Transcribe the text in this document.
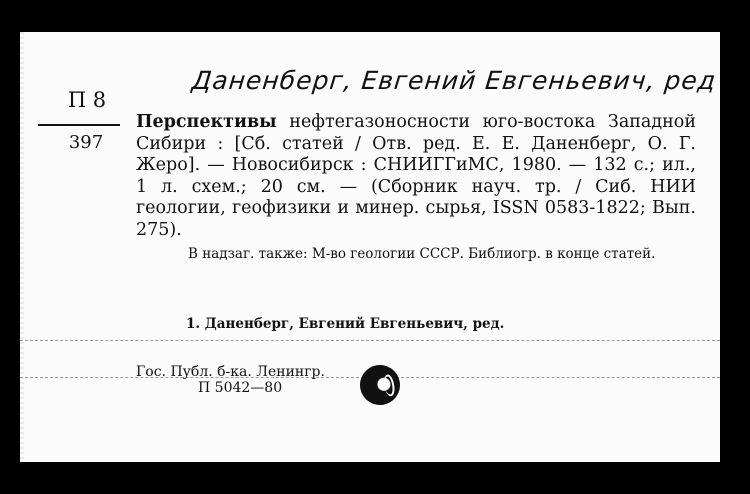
Даненберг, Евгений Евгеньевич, ред
П 8
397

Перспективы нефтегазоносности юго-востока Западной Сибири : [Сб. статей / Отв. ред. Е. Е. Даненберг, О. Г. Жеро]. — Новосибирск : СНИИГГиМС, 1980. — 132 с.; ил., 1 л. схем.; 20 см. — (Сборник науч. тр. / Сиб. НИИ геологии, геофизики и минер. сырья, ISSN 0583-1822; Вып. 275).

В надзаг. также: М-во геологии СССР. Библиогр. в конце статей.

1. Даненберг, Евгений Евгеньевич, ред.
Гос. Публ. б-ка. Ленингр.
П 5042—80
